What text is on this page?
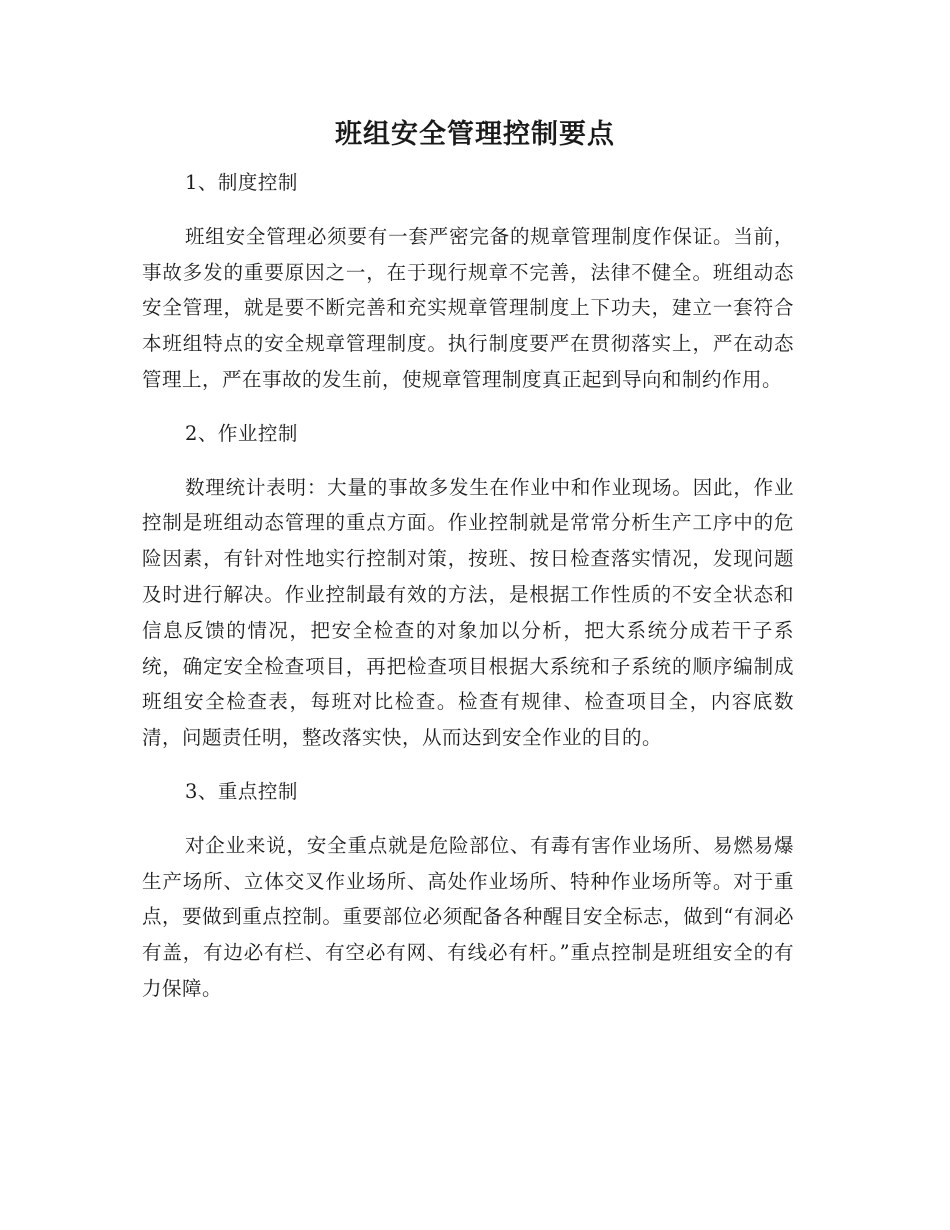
班组安全管理控制要点

1、制度控制

班组安全管理必须要有一套严密完备的规章管理制度作保证。当前，事故多发的重要原因之一，在于现行规章不完善，法律不健全。班组动态安全管理，就是要不断完善和充实规章管理制度上下功夫，建立一套符合本班组特点的安全规章管理制度。执行制度要严在贯彻落实上，严在动态管理上，严在事故的发生前，使规章管理制度真正起到导向和制约作用。

2、作业控制

数理统计表明：大量的事故多发生在作业中和作业现场。因此，作业控制是班组动态管理的重点方面。作业控制就是常常分析生产工序中的危险因素，有针对性地实行控制对策，按班、按日检查落实情况，发现问题及时进行解决。作业控制最有效的方法，是根据工作性质的不安全状态和信息反馈的情况，把安全检查的对象加以分析，把大系统分成若干子系统，确定安全检查项目，再把检查项目根据大系统和子系统的顺序编制成班组安全检查表，每班对比检查。检查有规律、检查项目全，内容底数清，问题责任明，整改落实快，从而达到安全作业的目的。

3、重点控制

对企业来说，安全重点就是危险部位、有毒有害作业场所、易燃易爆生产场所、立体交叉作业场所、高处作业场所、特种作业场所等。对于重点，要做到重点控制。重要部位必须配备各种醒目安全标志，做到“有洞必有盖，有边必有栏、有空必有网、有线必有杆。”重点控制是班组安全的有力保障。
